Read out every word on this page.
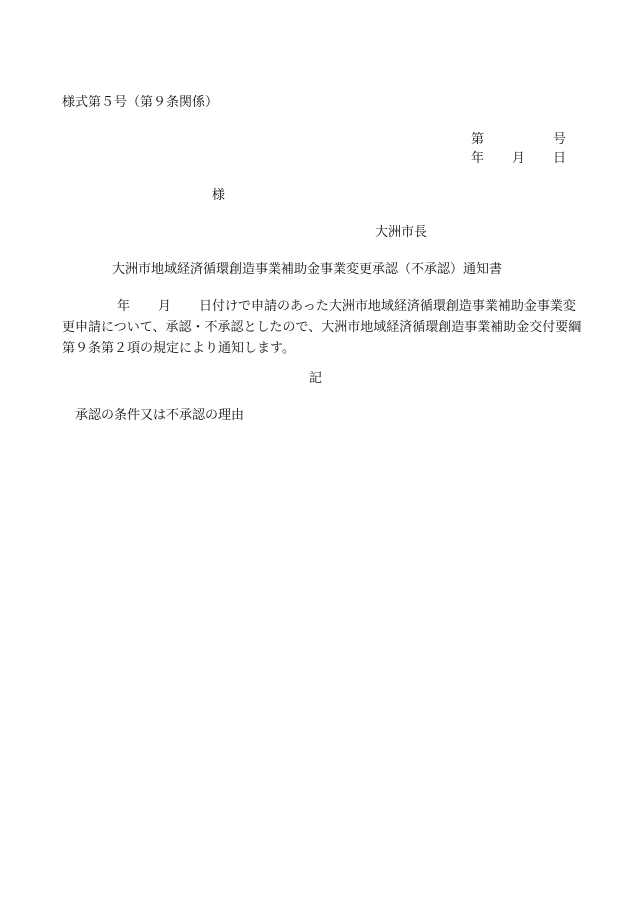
様式第５号（第９条関係）
第	号
年 月 日
様
大洲市長
大洲市地域経済循環創造事業補助金事業変更承認（不承認）通知書
年 月 日付けで申請のあった大洲市地域経済循環創造事業補助金事業変更申請について、承認・不承認としたので、大洲市地域経済循環創造事業補助金交付要綱第９条第２項の規定により通知します。
記
承認の条件又は不承認の理由
